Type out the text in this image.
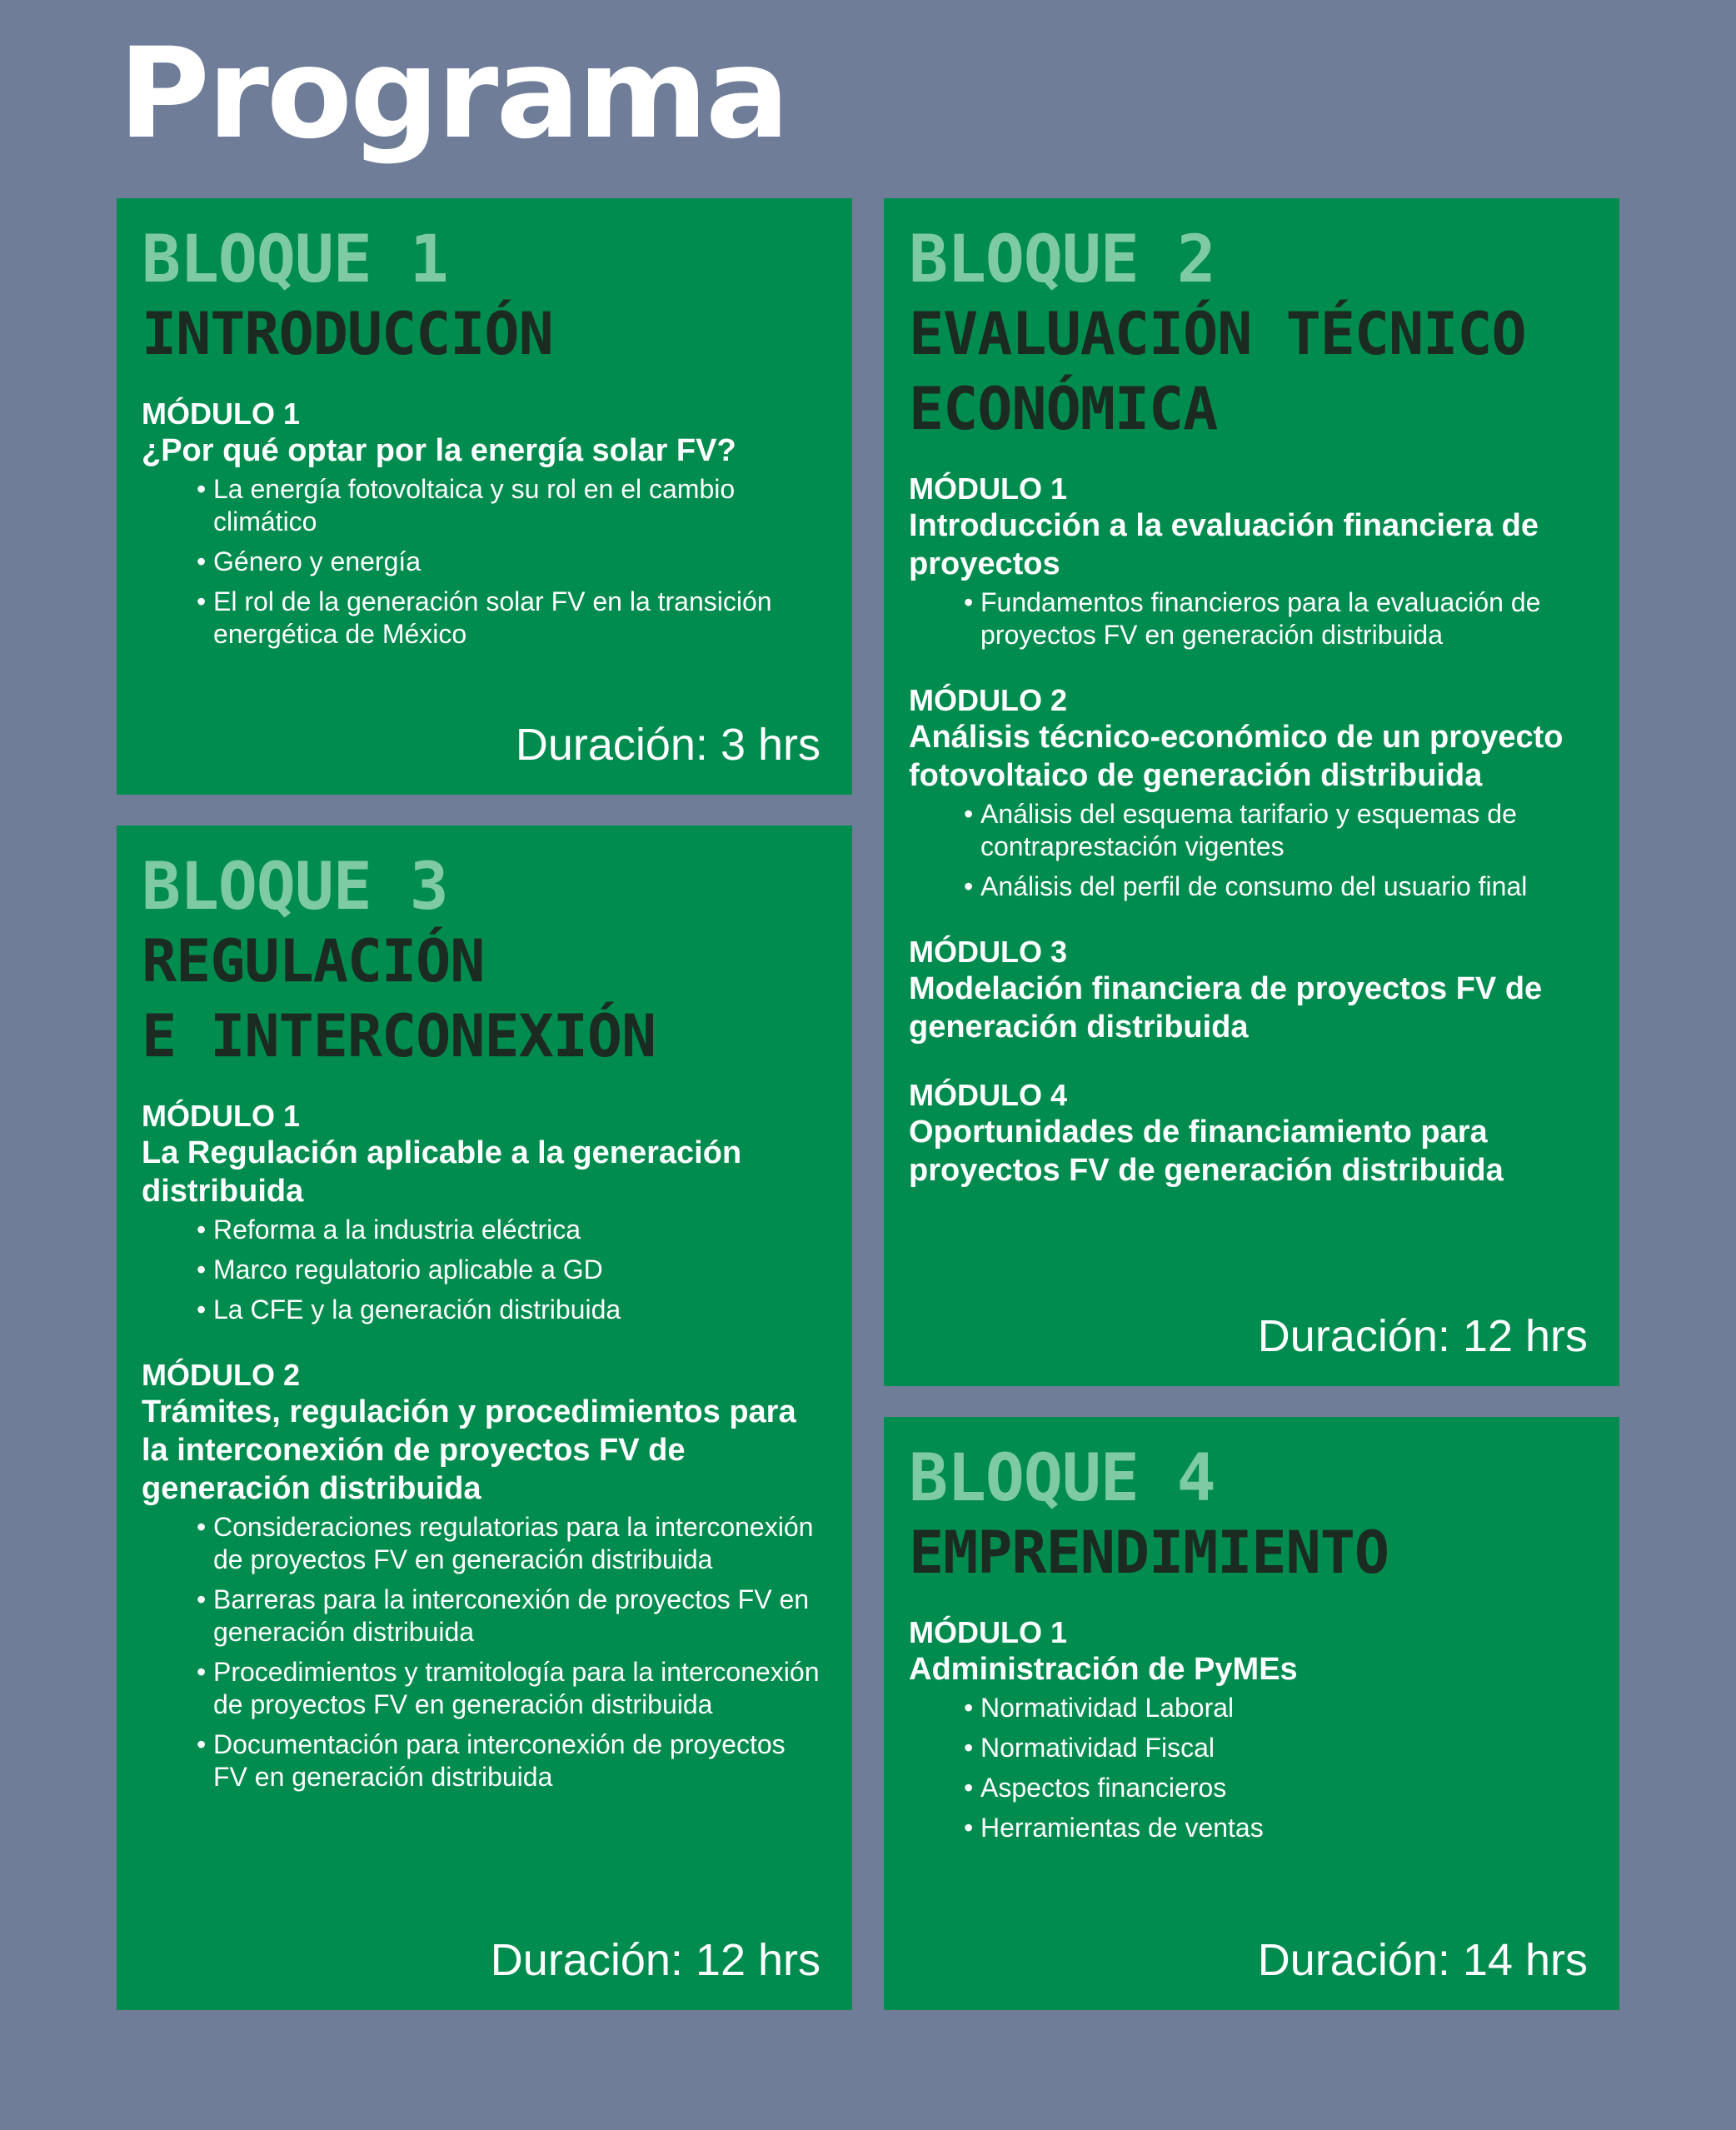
Programa
BLOQUE 1
INTRODUCCIÓN
MÓDULO 1
¿Por qué optar por la energía solar FV?
• La energía fotovoltaica y su rol en el cambio climático
• Género y energía
• El rol de la generación solar FV en la transición energética de México
Duración: 3 hrs
BLOQUE 3
REGULACIÓN
E INTERCONEXIÓN
MÓDULO 1
La Regulación aplicable a la generación distribuida
• Reforma a la industria eléctrica
• Marco regulatorio aplicable a GD
• La CFE y la generación distribuida
MÓDULO 2
Trámites, regulación y procedimientos para la interconexión de proyectos FV de generación distribuida
• Consideraciones regulatorias para la interconexión de proyectos FV en generación distribuida
• Barreras para la interconexión de proyectos FV en generación distribuida
• Procedimientos y tramitología para la interconexión de proyectos FV en generación distribuida
• Documentación para interconexión de proyectos FV en generación distribuida
Duración: 12 hrs
BLOQUE 2
EVALUACIÓN TÉCNICO
ECONÓMICA
MÓDULO 1
Introducción a la evaluación financiera de proyectos
• Fundamentos financieros para la evaluación de proyectos FV en generación distribuida
MÓDULO 2
Análisis técnico-económico de un proyecto fotovoltaico de generación distribuida
• Análisis del esquema tarifario y esquemas de contraprestación vigentes
• Análisis del perfil de consumo del usuario final
MÓDULO 3
Modelación financiera de proyectos FV de generación distribuida
MÓDULO 4
Oportunidades de financiamiento para proyectos FV de generación distribuida
Duración: 12 hrs
BLOQUE 4
EMPRENDIMIENTO
MÓDULO 1
Administración de PyMEs
• Normatividad Laboral
• Normatividad Fiscal
• Aspectos financieros
• Herramientas de ventas
Duración: 14 hrs
